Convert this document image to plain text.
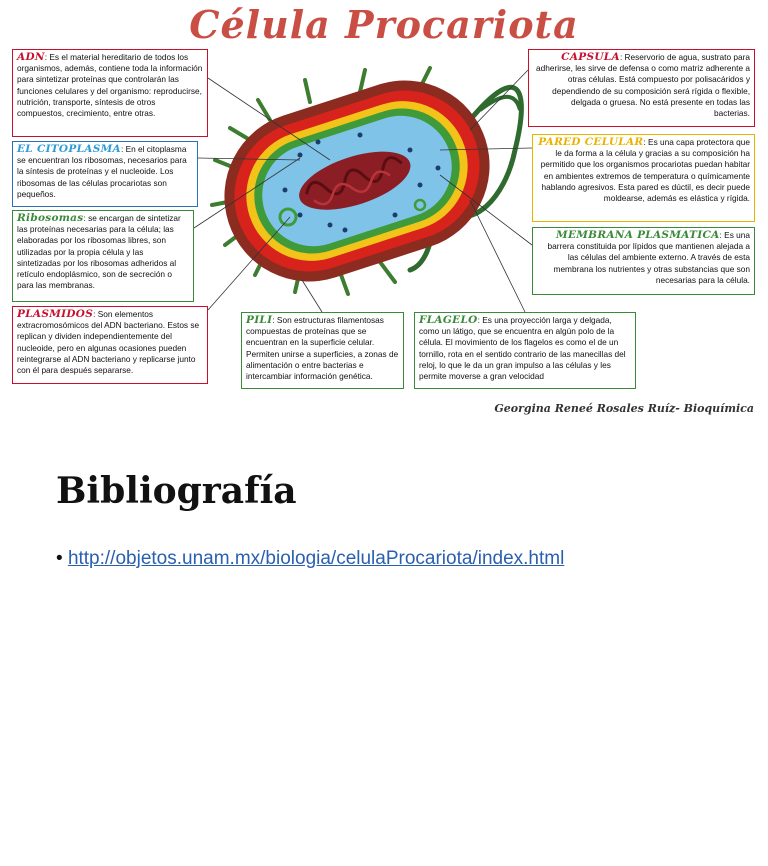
Célula Procariota
ADN: Es el material hereditario de todos los organismos, además, contiene toda la información para sintetizar proteínas que controlarán las funciones celulares y del organismo: reproducirse, nutrición, transporte, síntesis de otros compuestos, crecimiento, entre otras.
EL CITOPLASMA: En el citoplasma se encuentran los ribosomas, necesarios para la síntesis de proteínas y el nucleoide. Los ribosomas de las células procariotas son pequeños.
Ribosomas: se encargan de sintetizar las proteínas necesarias para la célula; las elaboradas por los ribosomas libres, son utilizadas por la propia célula y las sintetizadas por los ribosomas adheridos al retículo endoplásmico, son de secreción o para las membranas.
PLASMIDOS: Son elementos extracromosómicos del ADN bacteriano. Estos se replican y dividen independientemente del nucleoide, pero en algunas ocasiones pueden reintegrarse al ADN bacteriano y replicarse junto con él para después separarse.
PILI: Son estructuras filamentosas compuestas de proteínas que se encuentran en la superficie celular. Permiten unirse a superficies, a zonas de alimentación o entre bacterias e intercambiar información genética.
FLAGELO: Es una proyección larga y delgada, como un látigo, que se encuentra en algún polo de la célula. El movimiento de los flagelos es como el de un tornillo, rota en el sentido contrario de las manecillas del reloj, lo que le da un gran impulso a las células y les permite moverse a gran velocidad
CAPSULA: Reservorio de agua, sustrato para adherirse, les sirve de defensa o como matriz adherente a otras células. Está compuesto por polisacáridos y dependiendo de su composición será rígida o flexible, delgada o gruesa. No está presente en todas las bacterias.
PARED CELULAR: Es una capa protectora que le da forma a la célula y gracias a su composición ha permitido que los organismos procariotas puedan habitar en ambientes extremos de temperatura o químicamente hablando agresivos. Esta pared es dúctil, es decir puede moldearse, además es elástica y rígida.
MEMBRANA PLASMATICA: Es una barrera constituida por lípidos que mantienen alejada a las células del ambiente externo. A través de esta membrana los nutrientes y otras substancias que son necesarias para la célula.
Georgina Reneé Rosales Ruíz- Bioquímica
Bibliografía
• http://objetos.unam.mx/biologia/celulaProcariota/index.html
